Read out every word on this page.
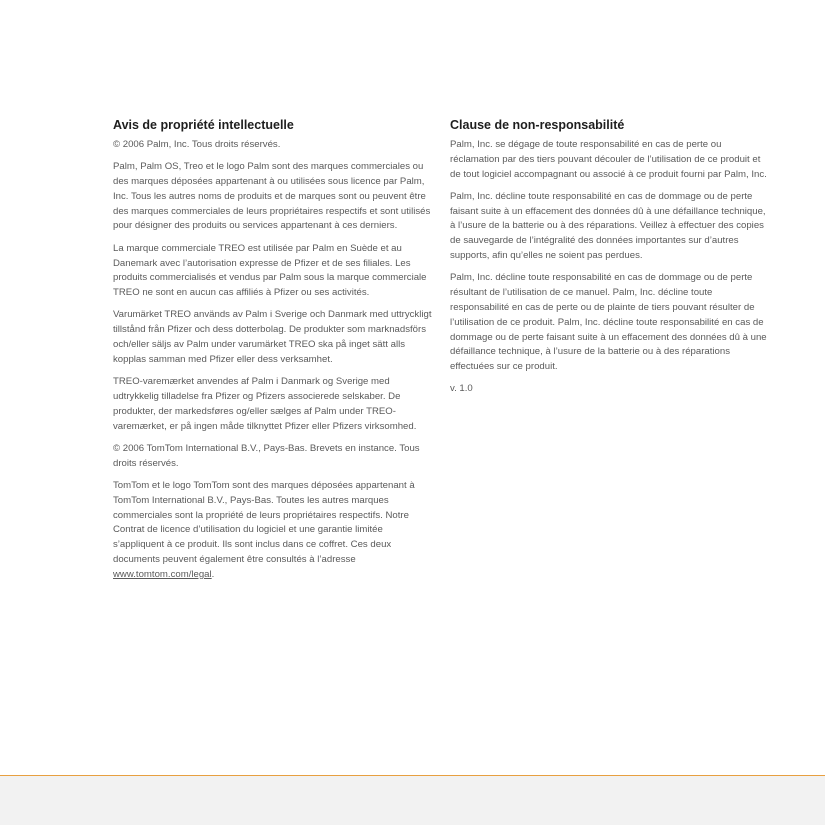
Avis de propriété intellectuelle

© 2006 Palm, Inc. Tous droits réservés.

Palm, Palm OS, Treo et le logo Palm sont des marques commerciales ou des marques déposées appartenant à ou utilisées sous licence par Palm, Inc. Tous les autres noms de produits et de marques sont ou peuvent être des marques commerciales de leurs propriétaires respectifs et sont utilisés pour désigner des produits ou services appartenant à ces derniers.

La marque commerciale TREO est utilisée par Palm en Suède et au Danemark avec l’autorisation expresse de Pfizer et de ses filiales. Les produits commercialisés et vendus par Palm sous la marque commerciale TREO ne sont en aucun cas affiliés à Pfizer ou ses activités.

Varumärket TREO används av Palm i Sverige och Danmark med uttryckligt tillstånd från Pfizer och dess dotterbolag. De produkter som marknadsförs och/eller säljs av Palm under varumärket TREO ska på inget sätt alls kopplas samman med Pfizer eller dess verksamhet.

TREO-varemærket anvendes af Palm i Danmark og Sverige med udtrykkelig tilladelse fra Pfizer og Pfizers associerede selskaber. De produkter, der markedsføres og/eller sælges af Palm under TREO-varemærket, er på ingen måde tilknyttet Pfizer eller Pfizers virksomhed.

© 2006 TomTom International B.V., Pays-Bas. Brevets en instance. Tous droits réservés.

TomTom et le logo TomTom sont des marques déposées appartenant à TomTom International B.V., Pays-Bas. Toutes les autres marques commerciales sont la propriété de leurs propriétaires respectifs. Notre Contrat de licence d’utilisation du logiciel et une garantie limitée s’appliquent à ce produit. Ils sont inclus dans ce coffret. Ces deux documents peuvent également être consultés à l’adresse www.tomtom.com/legal.

Clause de non-responsabilité

Palm, Inc. se dégage de toute responsabilité en cas de perte ou réclamation par des tiers pouvant découler de l’utilisation de ce produit et de tout logiciel accompagnant ou associé à ce produit fourni par Palm, Inc.

Palm, Inc. décline toute responsabilité en cas de dommage ou de perte faisant suite à un effacement des données dû à une défaillance technique, à l’usure de la batterie ou à des réparations. Veillez à effectuer des copies de sauvegarde de l’intégralité des données importantes sur d’autres supports, afin qu’elles ne soient pas perdues.

Palm, Inc. décline toute responsabilité en cas de dommage ou de perte résultant de l’utilisation de ce manuel. Palm, Inc. décline toute responsabilité en cas de perte ou de plainte de tiers pouvant résulter de l’utilisation de ce produit. Palm, Inc. décline toute responsabilité en cas de dommage ou de perte faisant suite à un effacement des données dû à une défaillance technique, à l’usure de la batterie ou à des réparations effectuées sur ce produit.

v. 1.0
